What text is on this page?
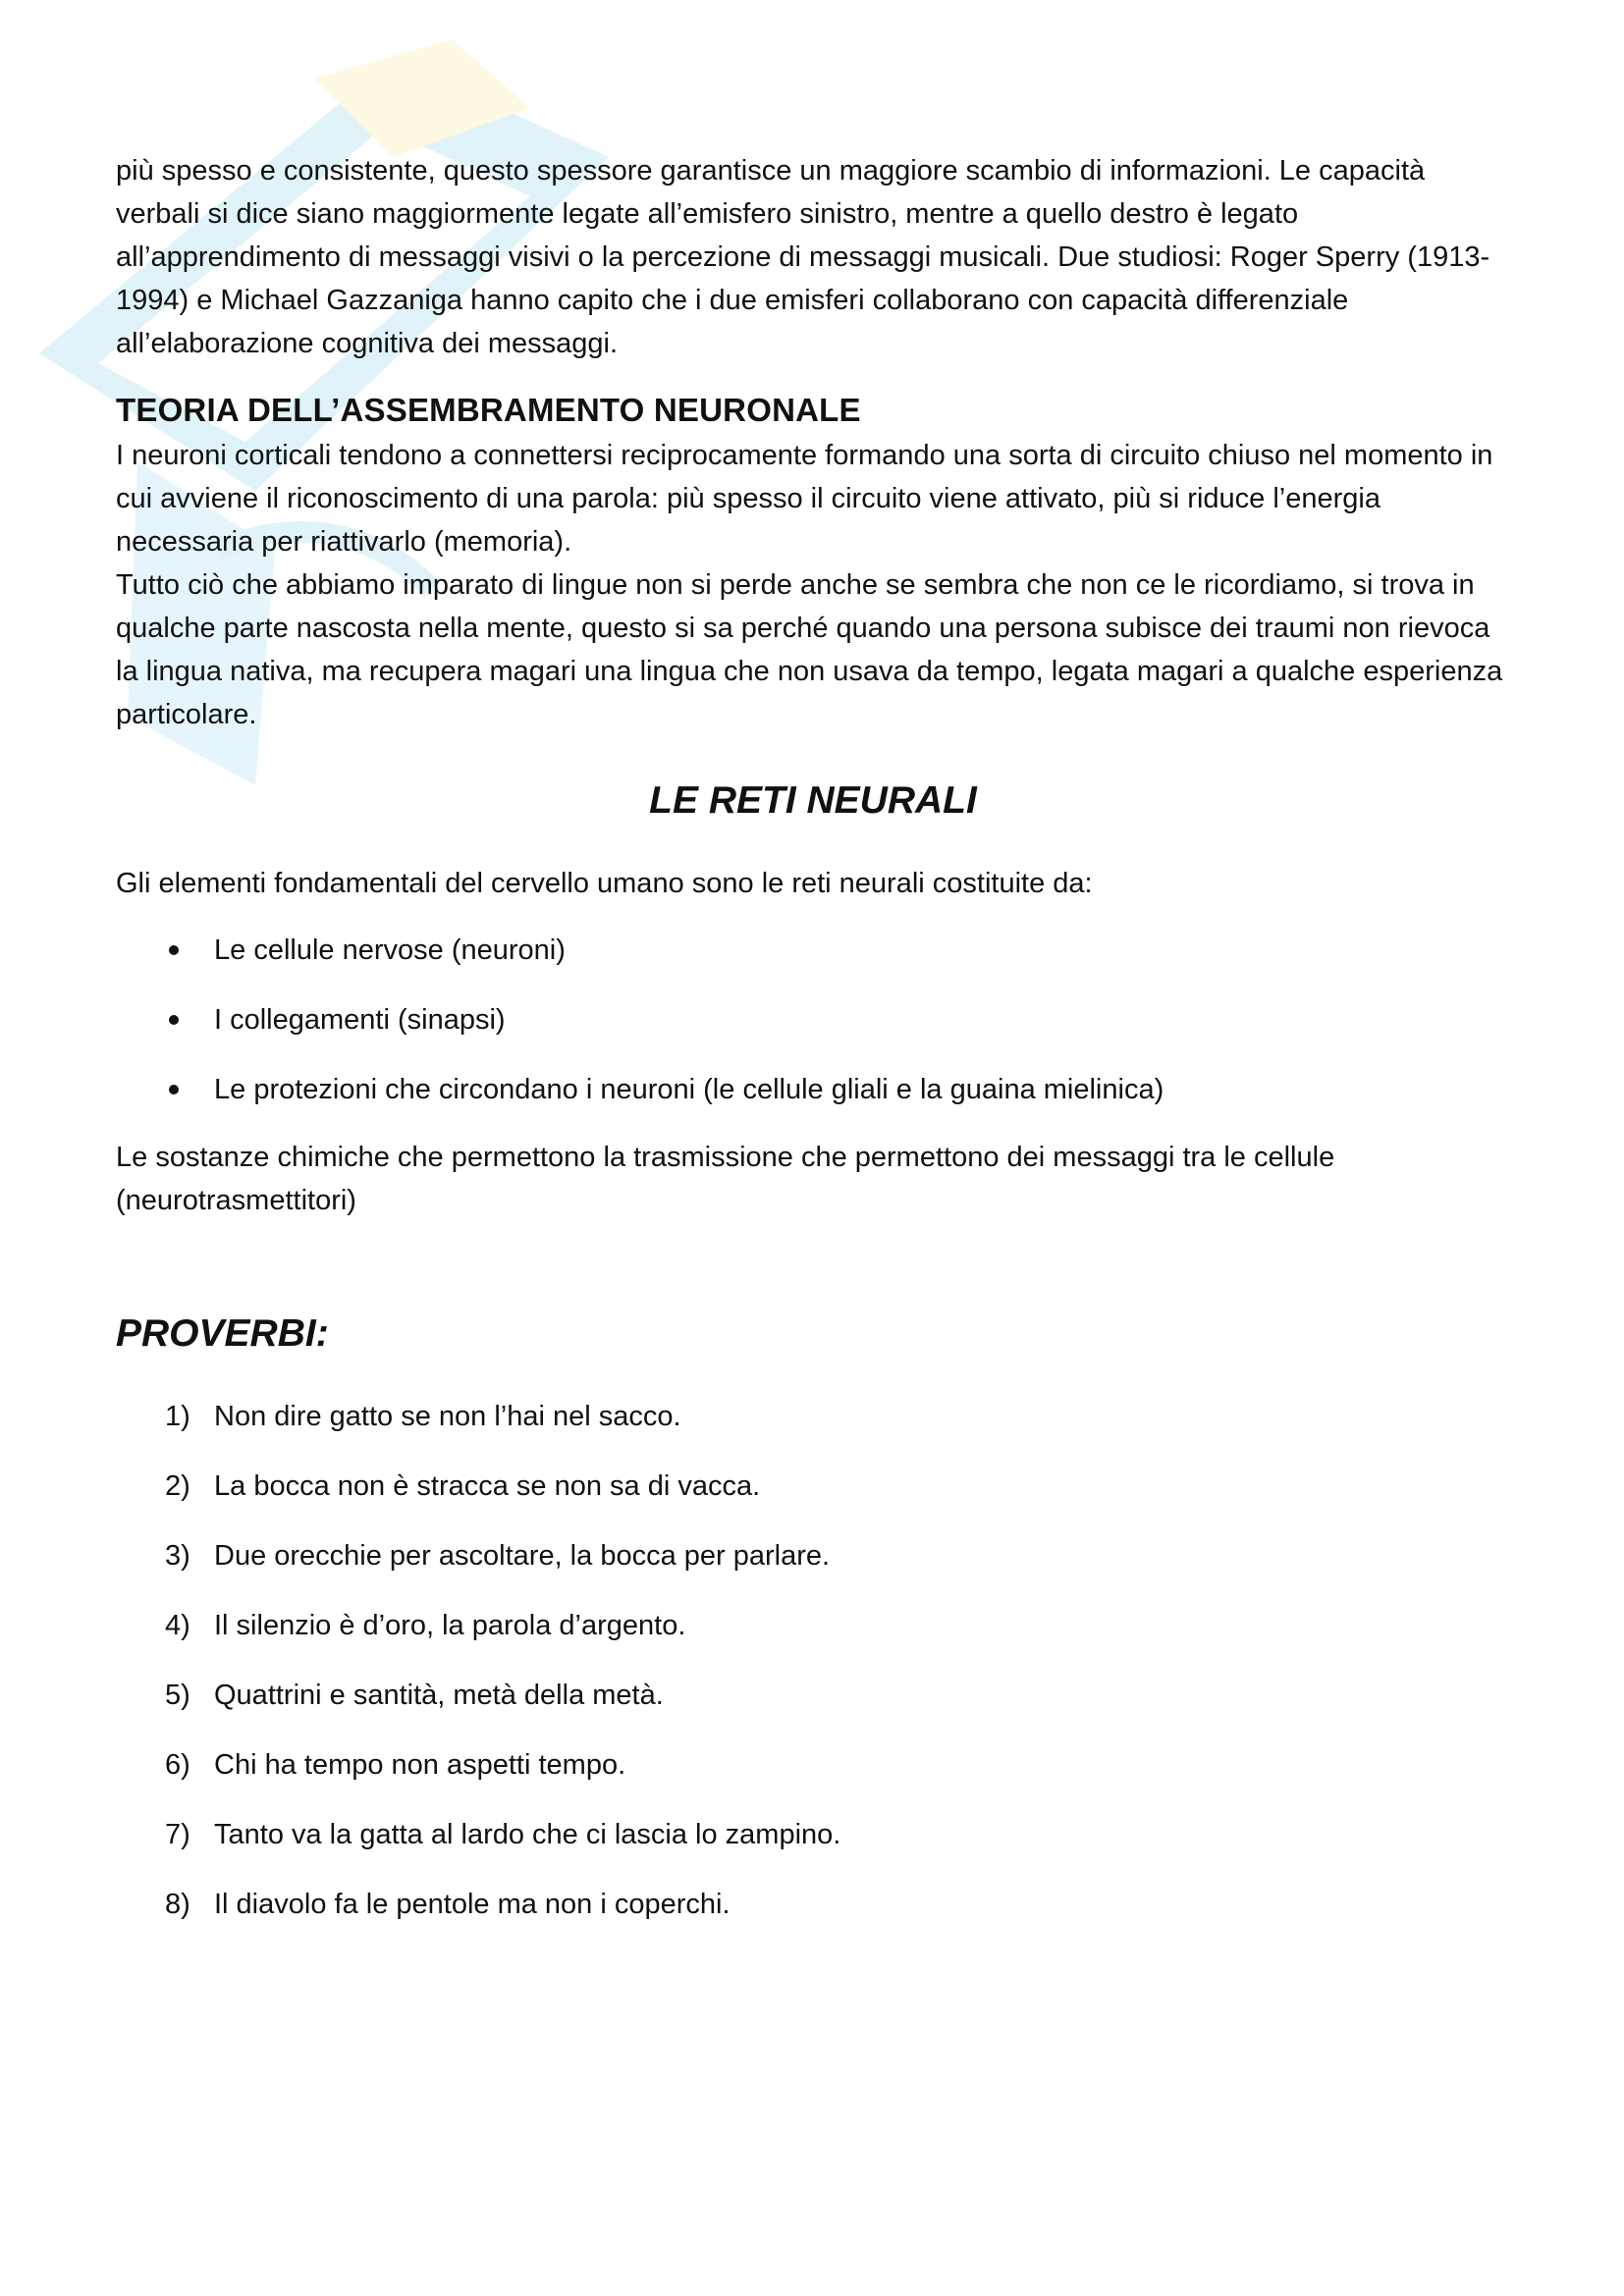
più spesso e consistente, questo spessore garantisce un maggiore scambio di informazioni. Le capacità verbali si dice siano maggiormente legate all’emisfero sinistro, mentre a quello destro è legato all’apprendimento di messaggi visivi o la percezione di messaggi musicali. Due studiosi: Roger Sperry (1913-1994) e Michael Gazzaniga hanno capito che i due emisferi collaborano con capacità differenziale all’elaborazione cognitiva dei messaggi.

TEORIA DELL’ASSEMBRAMENTO NEURONALE

I neuroni corticali tendono a connettersi reciprocamente formando una sorta di circuito chiuso nel momento in cui avviene il riconoscimento di una parola: più spesso il circuito viene attivato, più si riduce l’energia necessaria per riattivarlo (memoria).

Tutto ciò che abbiamo imparato di lingue non si perde anche se sembra che non ce le ricordiamo, si trova in qualche parte nascosta nella mente, questo si sa perché quando una persona subisce dei traumi non rievoca la lingua nativa, ma recupera magari una lingua che non usava da tempo, legata magari a qualche esperienza particolare.

LE RETI NEURALI

Gli elementi fondamentali del cervello umano sono le reti neurali costituite da:

Le cellule nervose (neuroni)
I collegamenti (sinapsi)
Le protezioni che circondano i neuroni (le cellule gliali e la guaina mielinica)

Le sostanze chimiche che permettono la trasmissione che permettono dei messaggi tra le cellule (neurotrasmettitori)

PROVERBI:
1) Non dire gatto se non l’hai nel sacco.
2) La bocca non è stracca se non sa di vacca.
3) Due orecchie per ascoltare, la bocca per parlare.
4) Il silenzio è d’oro, la parola d’argento.
5) Quattrini e santità, metà della metà.
6) Chi ha tempo non aspetti tempo.
7) Tanto va la gatta al lardo che ci lascia lo zampino.
8) Il diavolo fa le pentole ma non i coperchi.
